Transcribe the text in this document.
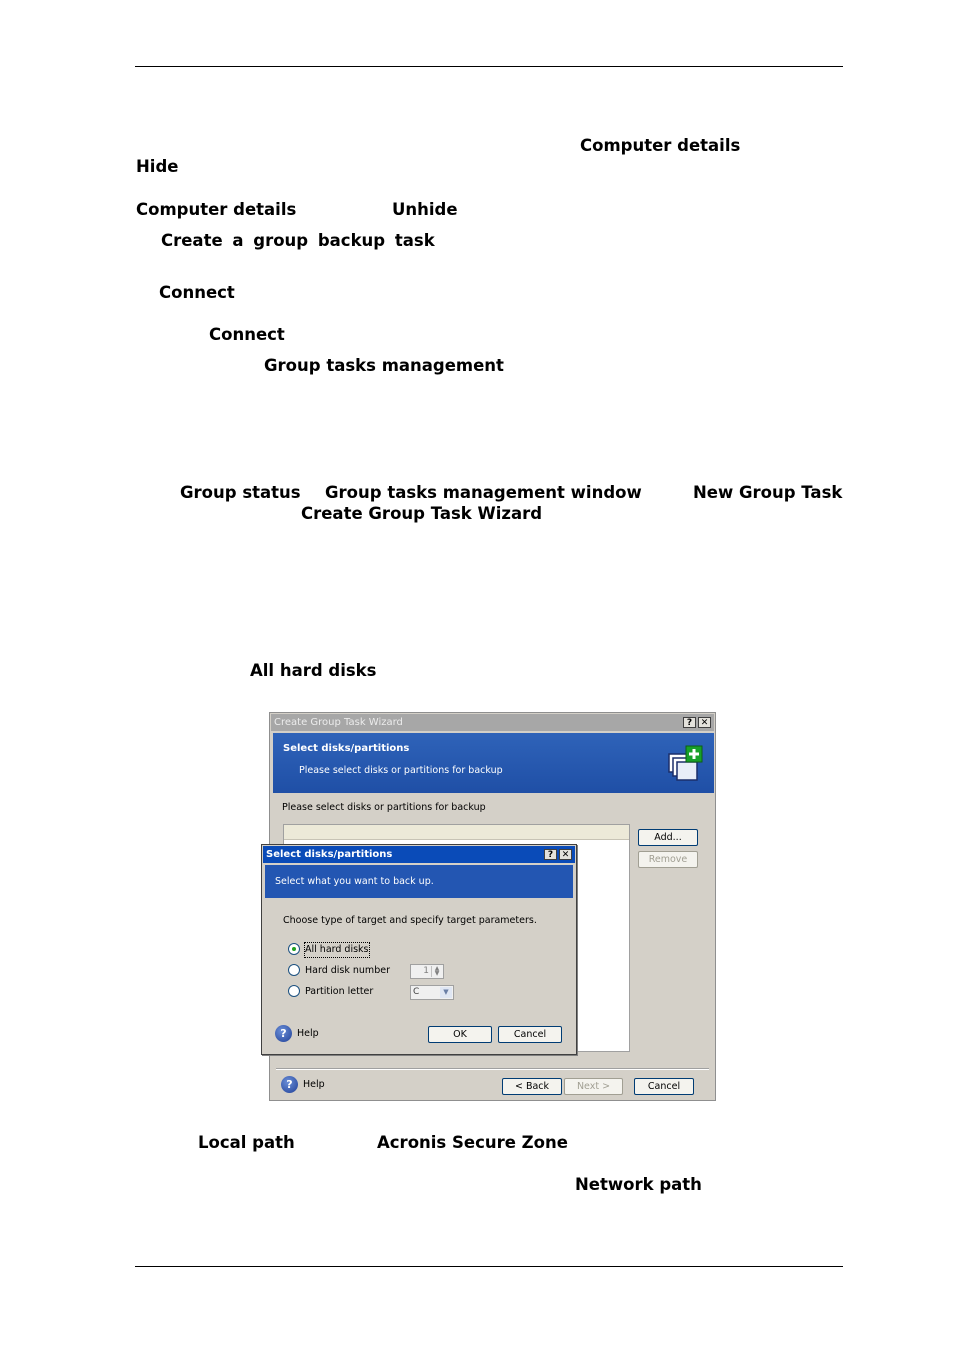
Computer details
Hide
Computer details	Unhide
Create a group backup task
Connect
Connect
Group tasks management
Group status Group tasks management window	New Group Task
Create Group Task Wizard
All hard disks
Create Group Task Wizard	? ✕
Select disks/partitions
Please select disks or partitions for backup
Please select disks or partitions for backup
Add...
Remove
?	Help	< Back	Next >	Cancel
Select disks/partitions	? ✕
Select what you want to back up.
Choose type of target and specify target parameters.
All hard disks
Hard disk number	1 ▲
▼
Partition letter	C	▼
?	Help	OK	Cancel
Local path	Acronis Secure Zone
Network path
